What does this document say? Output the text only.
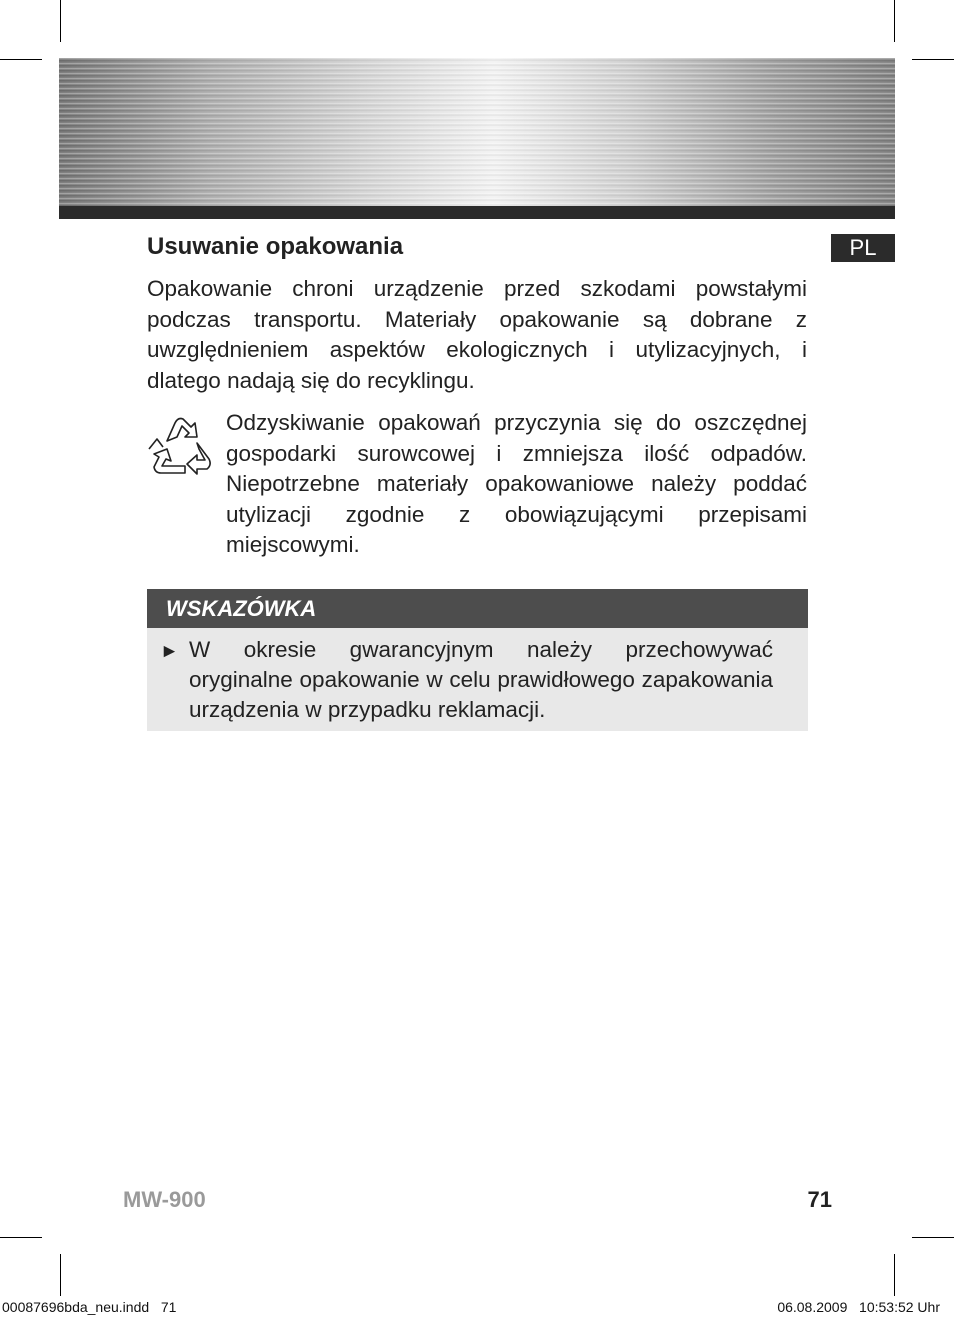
PL
Usuwanie opakowania

Opakowanie chroni urządzenie przed szkodami powstałymi podczas transportu. Materiały opakowanie są dobrane z uwzględnieniem aspektów ekologicznych i utylizacyjnych, i dlatego nadają się do recyklingu.

Odzyskiwanie opakowań przyczynia się do oszczędnej gospodarki surowcowej i zmniejsza ilość odpadów. Niepotrzebne materiały opakowaniowe należy poddać utylizacji zgodnie z obowiązującymi przepisami miejscowymi.

WSKAZÓWKA
► W okresie gwarancyjnym należy przechowywać oryginalne opakowanie w celu prawidłowego zapakowania urządzenia w przypadku reklamacji.

MW-900	71
00087696bda_neu.indd   71	06.08.2009   10:53:52 Uhr
